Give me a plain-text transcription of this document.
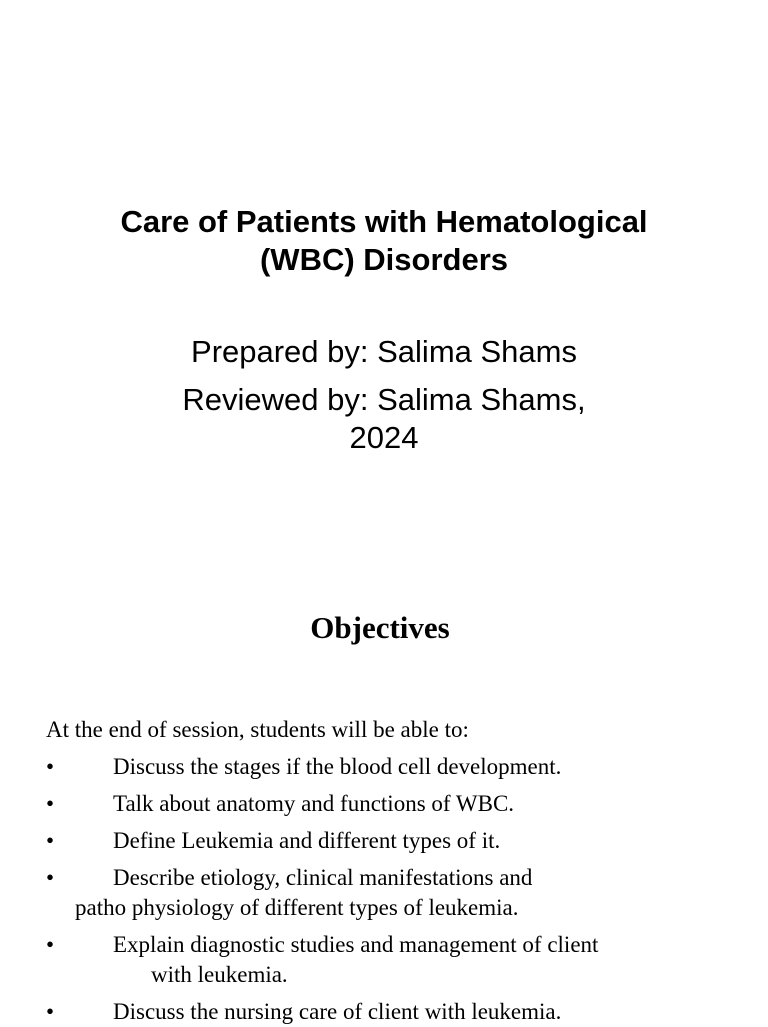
Care of Patients with Hematological
(WBC) Disorders
Prepared by: Salima Shams
Reviewed by: Salima Shams,
2024
Objectives
At the end of session, students will be able to:
•	Discuss the stages if the blood cell development.
•	Talk about anatomy and functions of WBC.
•	Define Leukemia and different types of it.
•	Describe etiology, clinical manifestations and
patho physiology of different types of leukemia.
•	Explain diagnostic studies and management of client
with leukemia.
•	Discuss the nursing care of client with leukemia.
